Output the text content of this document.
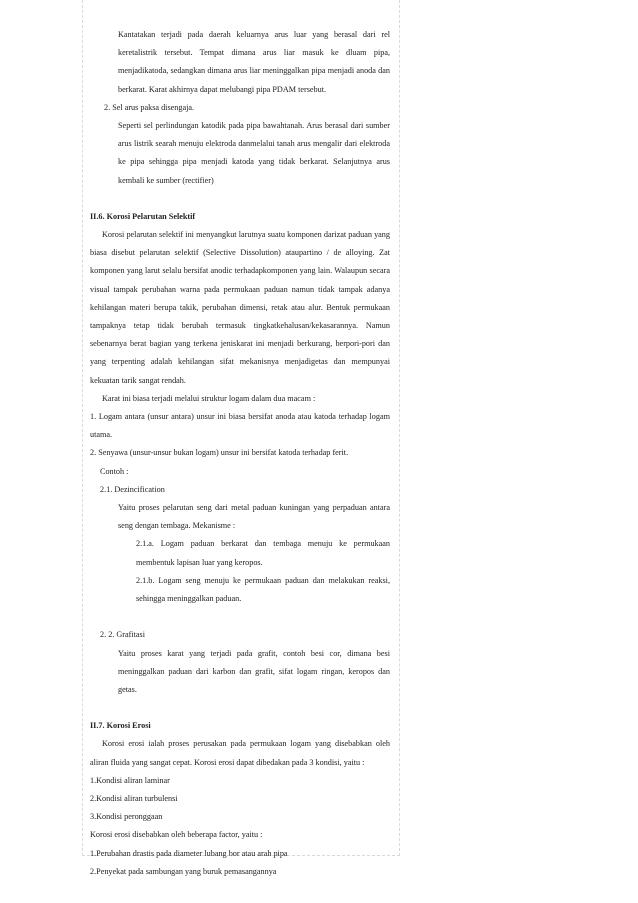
Kantatakan terjadi pada daerah keluarnya arus luar yang berasal dari rel keretalistrik tersebut. Tempat dimana arus liar masuk ke dluam pipa, menjadikatoda, sedangkan dimana arus liar meninggalkan pipa menjadi anoda dan berkarat. Karat akhirnya dapat melubangi pipa PDAM tersebut.

2. Sel arus paksa disengaja.

Seperti sel perlindungan katodik pada pipa bawahtanah. Arus berasal dari sumber arus listrik searah menuju elektroda danmelalui tanah arus mengalir dari elektroda ke pipa sehingga pipa menjadi katoda yang tidak berkarat. Selanjutnya arus kembali ke sumber (rectifier)

II.6. Korosi Pelarutan Selektif

Korosi pelarutan selektif ini menyangkut larutnya suatu komponen darizat paduan yang biasa disebut pelarutan selektif (Selective Dissolution) ataupartino / de alloying. Zat komponen yang larut selalu bersifat anodic terhadapkomponen yang lain. Walaupun secara visual tampak perubahan warna pada permukaan paduan namun tidak tampak adanya kehilangan materi berupa takik, perubahan dimensi, retak atau alur. Bentuk permukaan tampaknya tetap tidak berubah termasuk tingkatkehalusan/kekasarannya. Namun sebenarnya berat bagian yang terkena jeniskarat ini menjadi berkurang, berpori-pori dan yang terpenting adalah kehilangan sifat mekanisnya menjadigetas dan mempunyai kekuatan tarik sangat rendah.

Karat ini biasa terjadi melalui struktur logam dalam dua macam :

1. Logam antara (unsur antara) unsur ini biasa bersifat anoda atau katoda terhadap logam utama.

2. Senyawa (unsur-unsur bukan logam) unsur ini bersifat katoda terhadap ferit.

Contoh :

2.1. Dezincification

Yaitu proses pelarutan seng dari metal paduan kuningan yang perpaduan antara seng dengan tembaga. Mekanisme :

2.1.a. Logam paduan berkarat dan tembaga menuju ke permukaan membentuk lapisan luar yang keropos.

2.1.b. Logam seng menuju ke permukaan paduan dan melakukan reaksi, sehingga meninggalkan paduan.

2. 2. Grafitasi

Yaitu proses karat yang terjadi pada grafit, contoh besi cor, dimana besi meninggalkan paduan dari karbon dan grafit, sifat logam ringan, keropos dan getas.

II.7. Korosi Erosi

Korosi erosi ialah proses perusakan pada permukaan logam yang disebabkan oleh aliran fluida yang sangat cepat. Korosi erosi dapat dibedakan pada 3 kondisi, yaitu :

1.Kondisi aliran laminar

2.Kondisi aliran turbulensi

3.Kondisi peronggaan

Korosi erosi disebabkan oleh beberapa factor, yaitu :

1.Perubahan drastis pada diameter lubang bor atau arah pipa

2.Penyekat pada sambungan yang buruk pemasangannya
